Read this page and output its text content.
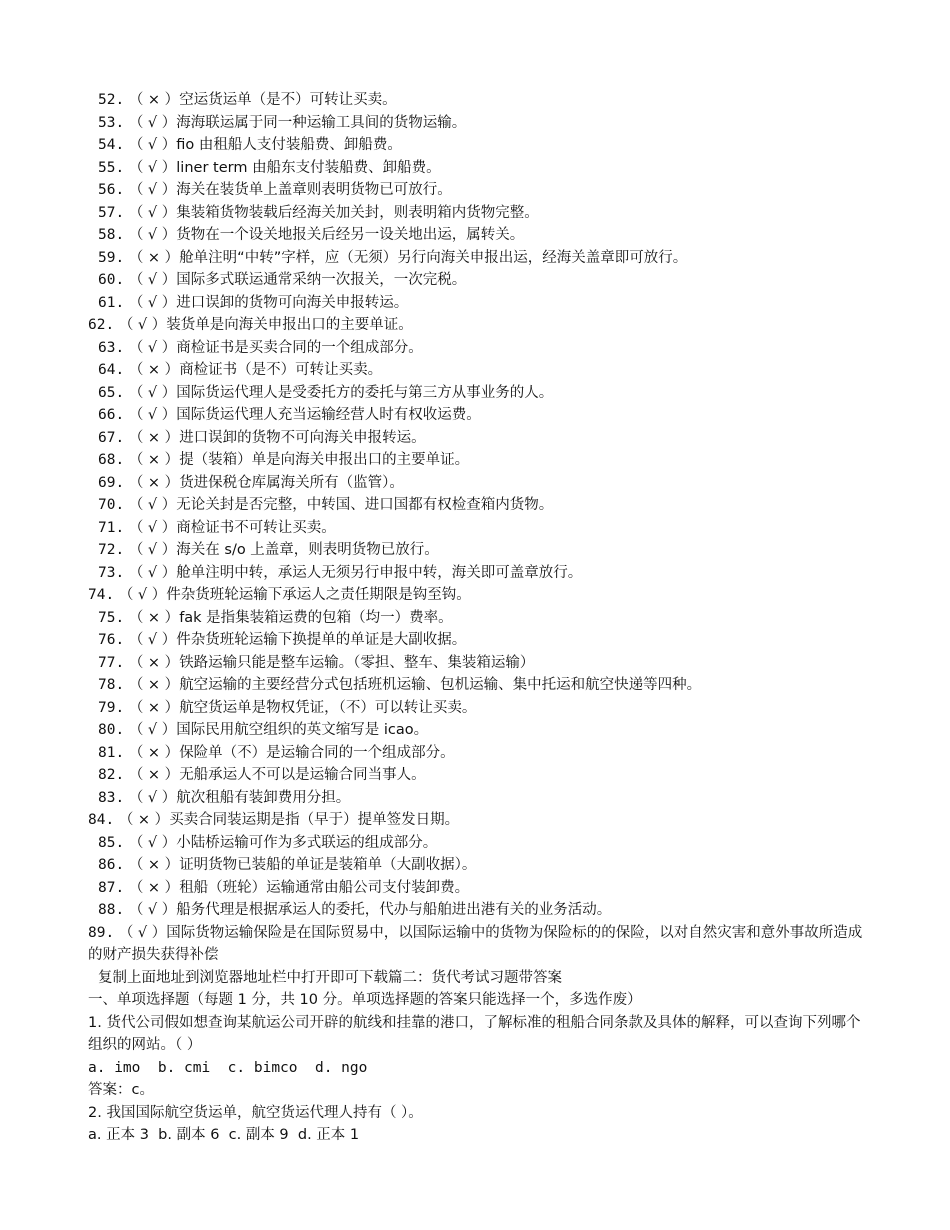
52. （ × ）空运货运单（是不）可转让买卖。
53. （ √ ）海海联运属于同一种运输工具间的货物运输。
54. （ √ ）fio 由租船人支付装船费、卸船费。
55. （ √ ）liner term 由船东支付装船费、卸船费。
56. （ √ ）海关在装货单上盖章则表明货物已可放行。
57. （ √ ）集装箱货物装载后经海关加关封，则表明箱内货物完整。
58. （ √ ）货物在一个设关地报关后经另一设关地出运，属转关。
59. （ × ）舱单注明“中转”字样，应（无须）另行向海关申报出运，经海关盖章即可放行。
60. （ √ ）国际多式联运通常采纳一次报关，一次完税。
61. （ √ ）进口误卸的货物可向海关申报转运。
62. （ √ ）装货单是向海关申报出口的主要单证。
63. （ √ ）商检证书是买卖合同的一个组成部分。
64. （ × ）商检证书（是不）可转让买卖。
65. （ √ ）国际货运代理人是受委托方的委托与第三方从事业务的人。
66. （ √ ）国际货运代理人充当运输经营人时有权收运费。
67. （ × ）进口误卸的货物不可向海关申报转运。
68. （ × ）提（装箱）单是向海关申报出口的主要单证。
69. （ × ）货进保税仓库属海关所有（监管）。
70. （ √ ）无论关封是否完整，中转国、进口国都有权检查箱内货物。
71. （ √ ）商检证书不可转让买卖。
72. （ √ ）海关在 s/o 上盖章，则表明货物已放行。
73. （ √ ）舱单注明中转，承运人无须另行申报中转，海关即可盖章放行。
74. （ √ ）件杂货班轮运输下承运人之责任期限是钩至钩。
75. （ × ）fak 是指集装箱运费的包箱（均一）费率。
76. （ √ ）件杂货班轮运输下换提单的单证是大副收据。
77. （ × ）铁路运输只能是整车运输。（零担、整车、集装箱运输）
78. （ × ）航空运输的主要经营分式包括班机运输、包机运输、集中托运和航空快递等四种。
79. （ × ）航空货运单是物权凭证，（不）可以转让买卖。
80. （ √ ）国际民用航空组织的英文缩写是 icao。
81. （ × ）保险单（不）是运输合同的一个组成部分。
82. （ × ）无船承运人不可以是运输合同当事人。
83. （ √ ）航次租船有装卸费用分担。
84. （ × ）买卖合同装运期是指（早于）提单签发日期。
85. （ √ ）小陆桥运输可作为多式联运的组成部分。
86. （ × ）证明货物已装船的单证是装箱单（大副收据）。
87. （ × ）租船（班轮）运输通常由船公司支付装卸费。
88. （ √ ）船务代理是根据承运人的委托，代办与船舶进出港有关的业务活动。
89. （ √ ）国际货物运输保险是在国际贸易中，以国际运输中的货物为保险标的的保险，以对自然灾害和意外事故所造成的财产损失获得补偿
复制上面地址到浏览器地址栏中打开即可下载篇二：货代考试习题带答案
一、单项选择题（每题 1 分，共 10 分。单项选择题的答案只能选择一个，多选作废）
1. 货代公司假如想查询某航运公司开辟的航线和挂靠的港口，了解标准的租船合同条款及具体的解释，可以查询下列哪个组织的网站。（ ）
a. imo  b. cmi  c. bimco  d. ngo
答案：c。
2. 我国国际航空货运单，航空货运代理人持有（ ）。
a. 正本 3  b. 副本 6  c. 副本 9  d. 正本 1
